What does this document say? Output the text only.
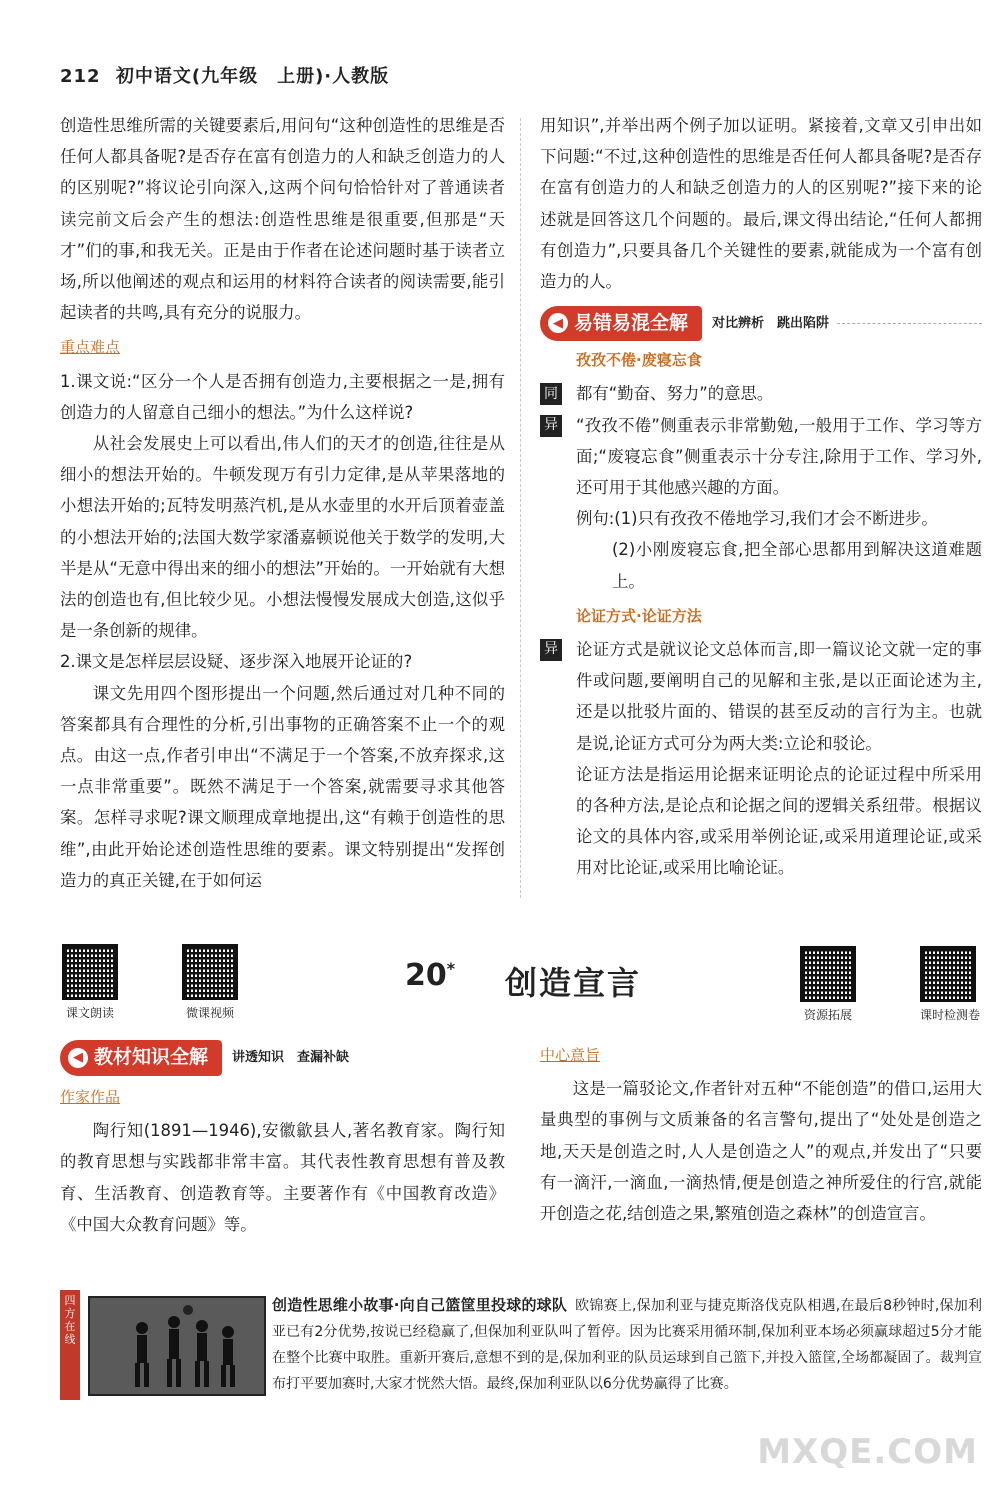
212 初中语文(九年级　上册)·人教版

创造性思维所需的关键要素后,用问句“这种创造性的思维是否任何人都具备呢?是否存在富有创造力的人和缺乏创造力的人的区别呢?”将议论引向深入,这两个问句恰恰针对了普通读者读完前文后会产生的想法:创造性思维是很重要,但那是“天才”们的事,和我无关。正是由于作者在论述问题时基于读者立场,所以他阐述的观点和运用的材料符合读者的阅读需要,能引起读者的共鸣,具有充分的说服力。

重点难点

1.课文说:“区分一个人是否拥有创造力,主要根据之一是,拥有创造力的人留意自己细小的想法。”为什么这样说?

从社会发展史上可以看出,伟人们的天才的创造,往往是从细小的想法开始的。牛顿发现万有引力定律,是从苹果落地的小想法开始的;瓦特发明蒸汽机,是从水壶里的水开后顶着壶盖的小想法开始的;法国大数学家潘嘉顿说他关于数学的发明,大半是从“无意中得出来的细小的想法”开始的。一开始就有大想法的创造也有,但比较少见。小想法慢慢发展成大创造,这似乎是一条创新的规律。

2.课文是怎样层层设疑、逐步深入地展开论证的?

课文先用四个图形提出一个问题,然后通过对几种不同的答案都具有合理性的分析,引出事物的正确答案不止一个的观点。由这一点,作者引申出“不满足于一个答案,不放弃探求,这一点非常重要”。既然不满足于一个答案,就需要寻求其他答案。怎样寻求呢?课文顺理成章地提出,这“有赖于创造性的思维”,由此开始论述创造性思维的要素。课文特别提出“发挥创造力的真正关键,在于如何运

用知识”,并举出两个例子加以证明。紧接着,文章又引申出如下问题:“不过,这种创造性的思维是否任何人都具备呢?是否存在富有创造力的人和缺乏创造力的人的区别呢?”接下来的论述就是回答这几个问题的。最后,课文得出结论,“任何人都拥有创造力”,只要具备几个关键性的要素,就能成为一个富有创造力的人。

◀ 易错易混全解 对比辨析　跳出陷阱
孜孜不倦·废寝忘食
同 都有“勤奋、努力”的意思。
异 “孜孜不倦”侧重表示非常勤勉,一般用于工作、学习等方面;“废寝忘食”侧重表示十分专注,除用于工作、学习外,还可用于其他感兴趣的方面。

例句:(1)只有孜孜不倦地学习,我们才会不断进步。

(2)小刚废寝忘食,把全部心思都用到解决这道难题上。

论证方式·论证方法
异 论证方式是就议论文总体而言,即一篇议论文就一定的事件或问题,要阐明自己的见解和主张,是以正面论述为主,还是以批驳片面的、错误的甚至反动的言行为主。也就是说,论证方式可分为两大类:立论和驳论。

论证方法是指运用论据来证明论点的论证过程中所采用的各种方法,是论点和论据之间的逻辑关系纽带。根据议论文的具体内容,或采用举例论证,或采用道理论证,或采用对比论证,或采用比喻论证。

课文朗读	微课视频
20* 创造宣言
资源拓展	课时检测卷
◀ 教材知识全解 讲透知识　查漏补缺
作家作品

陶行知(1891—1946),安徽歙县人,著名教育家。陶行知的教育思想与实践都非常丰富。其代表性教育思想有普及教育、生活教育、创造教育等。主要著作有《中国教育改造》《中国大众教育问题》等。

中心意旨

这是一篇驳论文,作者针对五种“不能创造”的借口,运用大量典型的事例与文质兼备的名言警句,提出了“处处是创造之地,天天是创造之时,人人是创造之人”的观点,并发出了“只要有一滴汗,一滴血,一滴热情,便是创造之神所爱住的行宫,就能开创造之花,结创造之果,繁殖创造之森林”的创造宣言。

四方在线
创造性思维小故事·向自己篮筐里投球的球队 欧锦赛上,保加利亚与捷克斯洛伐克队相遇,在最后8秒钟时,保加利亚已有2分优势,按说已经稳赢了,但保加利亚队叫了暂停。因为比赛采用循环制,保加利亚本场必须赢球超过5分才能在整个比赛中取胜。重新开赛后,意想不到的是,保加利亚的队员运球到自己篮下,并投入篮筐,全场都凝固了。裁判宣布打平要加赛时,大家才恍然大悟。最终,保加利亚队以6分优势赢得了比赛。
MXQE.COM
